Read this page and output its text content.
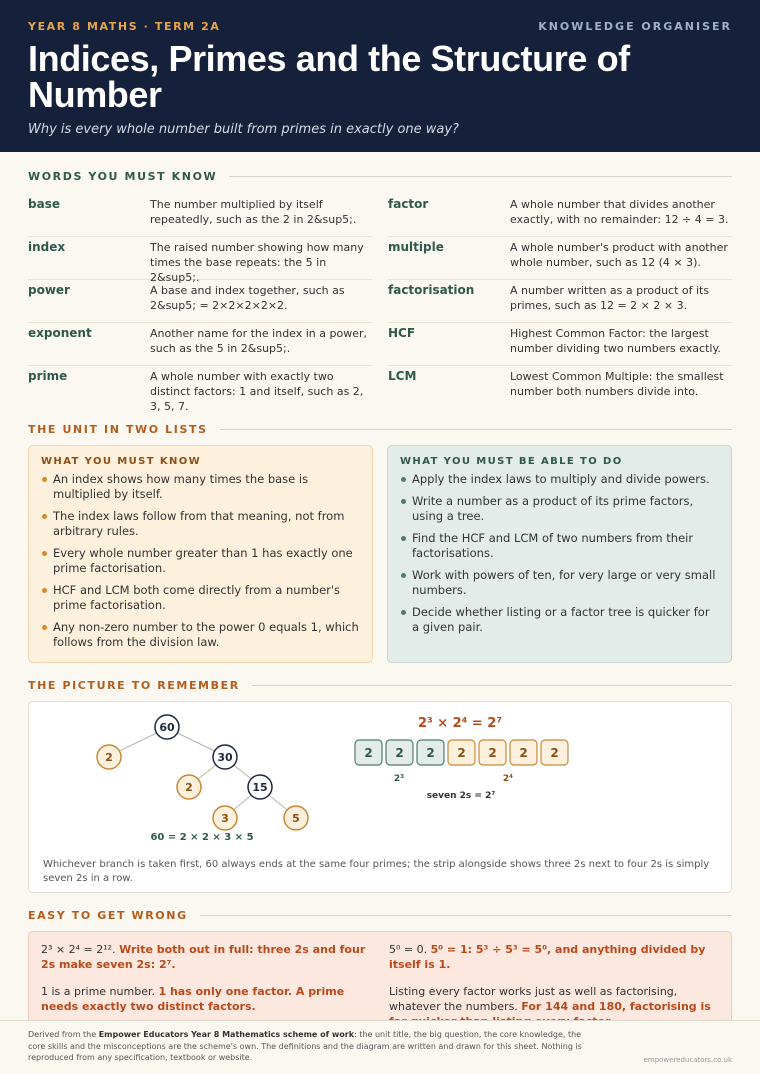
YEAR 8 MATHS · TERM 2A	KNOWLEDGE ORGANISER
Indices, Primes and the Structure of Number
Why is every whole number built from primes in exactly one way?
WORDS YOU MUST KNOW
base	The number multiplied by itself repeatedly, such as the 2 in 2&sup5;.
index	The raised number showing how many times the base repeats: the 5 in 2&sup5;.
power	A base and index together, such as 2&sup5; = 2×2×2×2×2.
exponent	Another name for the index in a power, such as the 5 in 2&sup5;.
prime	A whole number with exactly two distinct factors: 1 and itself, such as 2, 3, 5, 7.
factor	A whole number that divides another exactly, with no remainder: 12 ÷ 4 = 3.
multiple	A whole number's product with another whole number, such as 12 (4 × 3).
factorisation	A number written as a product of its primes, such as 12 = 2 × 2 × 3.
HCF	Highest Common Factor: the largest number dividing two numbers exactly.
LCM	Lowest Common Multiple: the smallest number both numbers divide into.
THE UNIT IN TWO LISTS
WHAT YOU MUST KNOW
An index shows how many times the base is multiplied by itself.
The index laws follow from that meaning, not from arbitrary rules.
Every whole number greater than 1 has exactly one prime factorisation.
HCF and LCM both come directly from a number's prime factorisation.
Any non-zero number to the power 0 equals 1, which follows from the division law.
WHAT YOU MUST BE ABLE TO DO
Apply the index laws to multiply and divide powers.
Write a number as a product of its prime factors, using a tree.
Find the HCF and LCM of two numbers from their factorisations.
Work with powers of ten, for very large or very small numbers.
Decide whether listing or a factor tree is quicker for a given pair.
THE PICTURE TO REMEMBER
60
2	30
2	15
3	5
60 = 2 × 2 × 3 × 5
2³ × 2⁴ = 2⁷
2 2 2 2 2 2 2
2³	2⁴
seven 2s = 2⁷
Whichever branch is taken first, 60 always ends at the same four primes; the strip alongside shows three 2s next to four 2s is simply seven 2s in a row.
EASY TO GET WRONG
2³ × 2⁴ = 2¹². Write both out in full: three 2s and four 2s make seven 2s: 2⁷.
1 is a prime number. 1 has only one factor. A prime needs exactly two distinct factors.
5⁰ = 0. 5⁰ = 1: 5³ ÷ 5³ = 5⁰, and anything divided by itself is 1.
Listing every factor works just as well as factorising, whatever the numbers. For 144 and 180, factorising is
Derived from the Empower Educators Year 8 Mathematics scheme of work: the unit title, the big question, the core knowledge, the core skills and the misconceptions are the scheme's own. The definitions and the diagram are written and drawn for this sheet. Nothing is reproduced from any specification, textbook or website.	empowereducators.co.uk
